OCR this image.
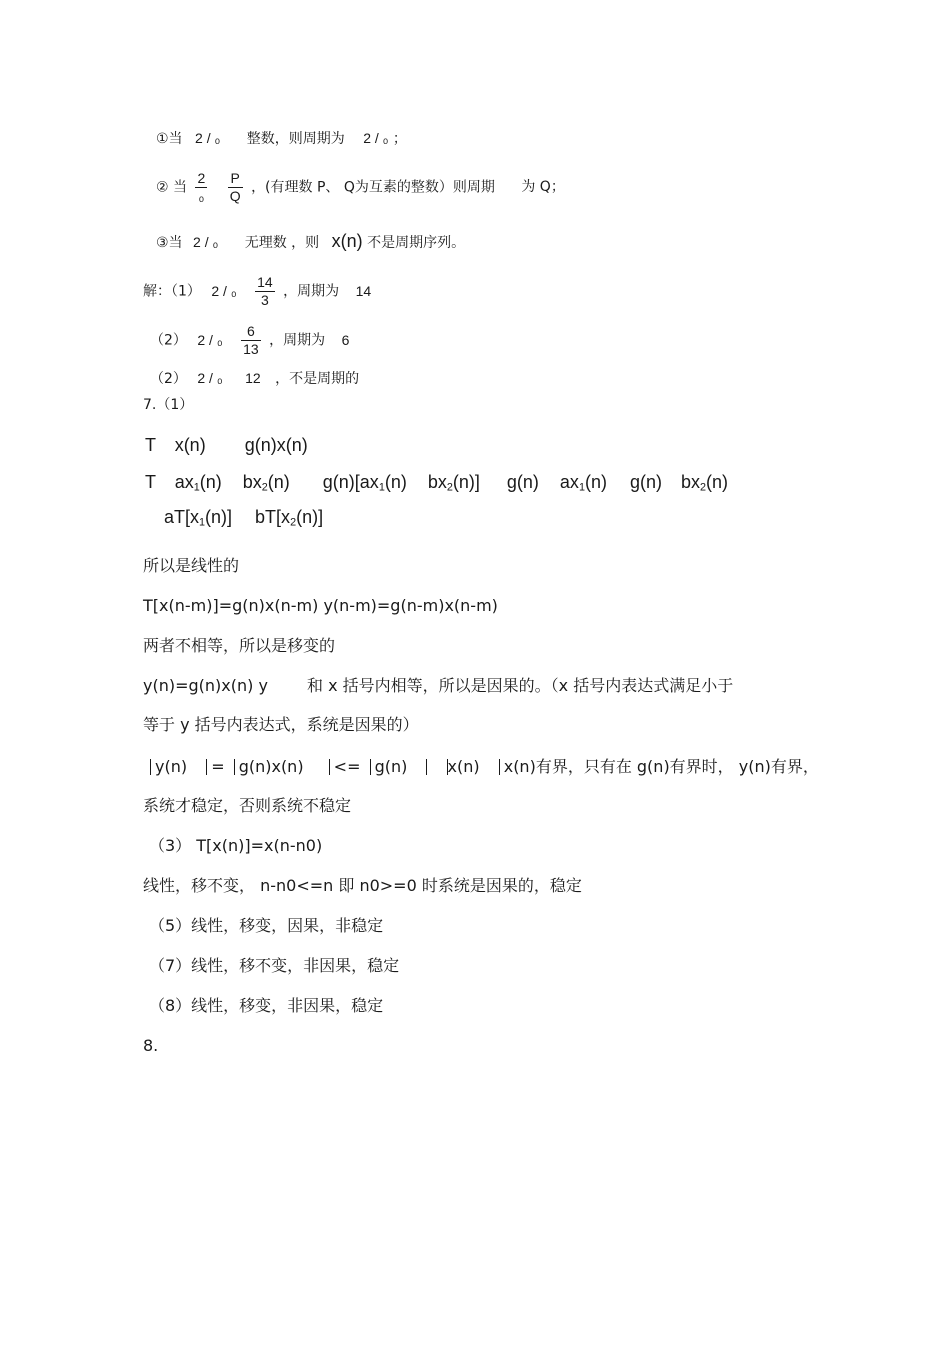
①当 2 / ₀ 整数，则周期为 2 / ₀ ；
② 当 $\frac{2}{\text{₀}}$
$\frac{P}{Q}$ ，(有理数 P、 Q为互素的整数）则周期 为 Q；
③当 2 / ₀ 无理数 ，则 x(n) 不是周期序列。
解：（1） $2 / _0 \frac{14}{3}$ ，周期为 14
（2） $2 / _0 \frac{6}{13}$ ，周期为 6
（2） 2 / ₀ 12 ，不是周期的
7.（1）
T x(n) g(n)x(n)
T $ax_1(n)$ $bx_2(n)$ $g(n)[ax_1(n)$ $bx_2(n)$] g(n) $ax_1(n)$ g(n) $bx_2(n)$
$aT[x_1(n)]$ $bT[x_2(n)]$
所以是线性的
T[x(n-m)]=g(n)x(n-m) y(n-m)=g(n-m)x(n-m)
两者不相等，所以是移变的
y(n)=g(n)x(n) y 和 x 括号内相等，所以是因果的。（x 括号内表达式满足小于
等于 y 括号内表达式，系统是因果的）
y(n) = g(n)x(n) <= g(n)	x(n) x(n)有界，只有在 g(n)有界时， y(n)有界，
系统才稳定，否则系统不稳定
（3） T[x(n)]=x(n-n0)
线性，移不变， n-n0<=n 即 n0>=0 时系统是因果的，稳定
（5）线性，移变，因果，非稳定
（7）线性，移不变，非因果，稳定
（8）线性，移变，非因果，稳定
8.
